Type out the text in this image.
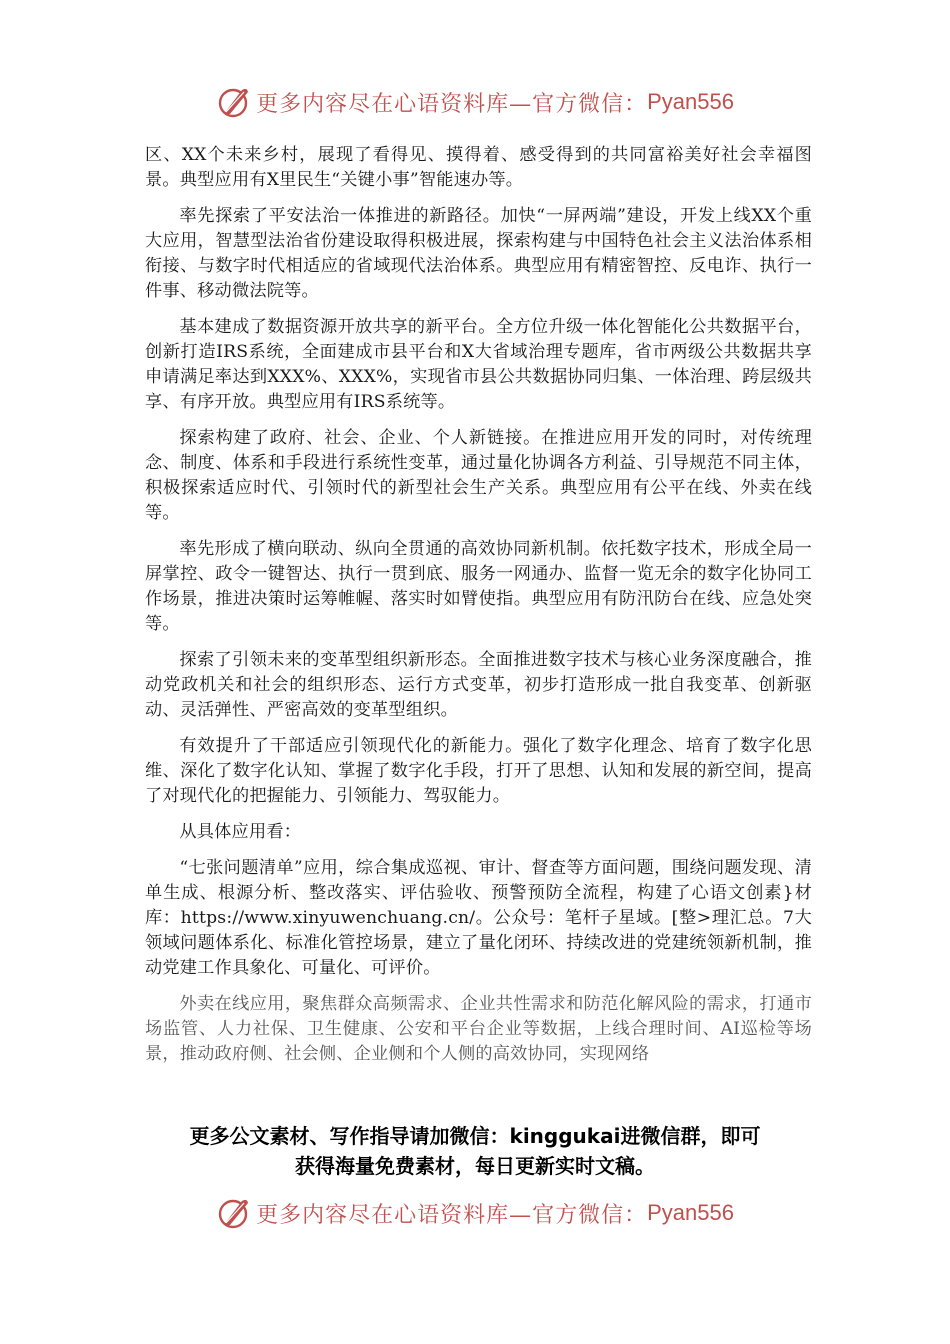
更多内容尽在心语资料库—官方微信： Pyan556

区、XX个未来乡村，展现了看得见、摸得着、感受得到的共同富裕美好社会幸福图景。典型应用有X里民生“关键小事”智能速办等。

率先探索了平安法治一体推进的新路径。加快“一屏两端”建设，开发上线XX个重大应用，智慧型法治省份建设取得积极进展，探索构建与中国特色社会主义法治体系相衔接、与数字时代相适应的省域现代法治体系。典型应用有精密智控、反电诈、执行一件事、移动微法院等。

基本建成了数据资源开放共享的新平台。全方位升级一体化智能化公共数据平台，创新打造IRS系统，全面建成市县平台和X大省域治理专题库，省市两级公共数据共享申请满足率达到XXX%、XXX%，实现省市县公共数据协同归集、一体治理、跨层级共享、有序开放。典型应用有IRS系统等。

探索构建了政府、社会、企业、个人新链接。在推进应用开发的同时，对传统理念、制度、体系和手段进行系统性变革，通过量化协调各方利益、引导规范不同主体，积极探索适应时代、引领时代的新型社会生产关系。典型应用有公平在线、外卖在线等。

率先形成了横向联动、纵向全贯通的高效协同新机制。依托数字技术，形成全局一屏掌控、政令一键智达、执行一贯到底、服务一网通办、监督一览无余的数字化协同工作场景，推进决策时运筹帷幄、落实时如臂使指。典型应用有防汛防台在线、应急处突等。

探索了引领未来的变革型组织新形态。全面推进数字技术与核心业务深度融合，推动党政机关和社会的组织形态、运行方式变革，初步打造形成一批自我变革、创新驱动、灵活弹性、严密高效的变革型组织。

有效提升了干部适应引领现代化的新能力。强化了数字化理念、培育了数字化思维、深化了数字化认知、掌握了数字化手段，打开了思想、认知和发展的新空间，提高了对现代化的把握能力、引领能力、驾驭能力。

从具体应用看：

“七张问题清单”应用，综合集成巡视、审计、督查等方面问题，围绕问题发现、清单生成、根源分析、整改落实、评估验收、预警预防全流程，构建了心语文创素}材库：https://www.xinyuwenchuang.cn/。公众号：笔杆子星域。[整>理汇总。7大领域问题体系化、标准化管控场景，建立了量化闭环、持续改进的党建统领新机制，推动党建工作具象化、可量化、可评价。

外卖在线应用，聚焦群众高频需求、企业共性需求和防范化解风险的需求，打通市场监管、人力社保、卫生健康、公安和平台企业等数据，上线合理时间、AI巡检等场景，推动政府侧、社会侧、企业侧和个人侧的高效协同，实现网络

更多公文素材、写作指导请加微信：kinggukai进微信群，即可
获得海量免费素材，每日更新实时文稿。
更多内容尽在心语资料库—官方微信： Pyan556
